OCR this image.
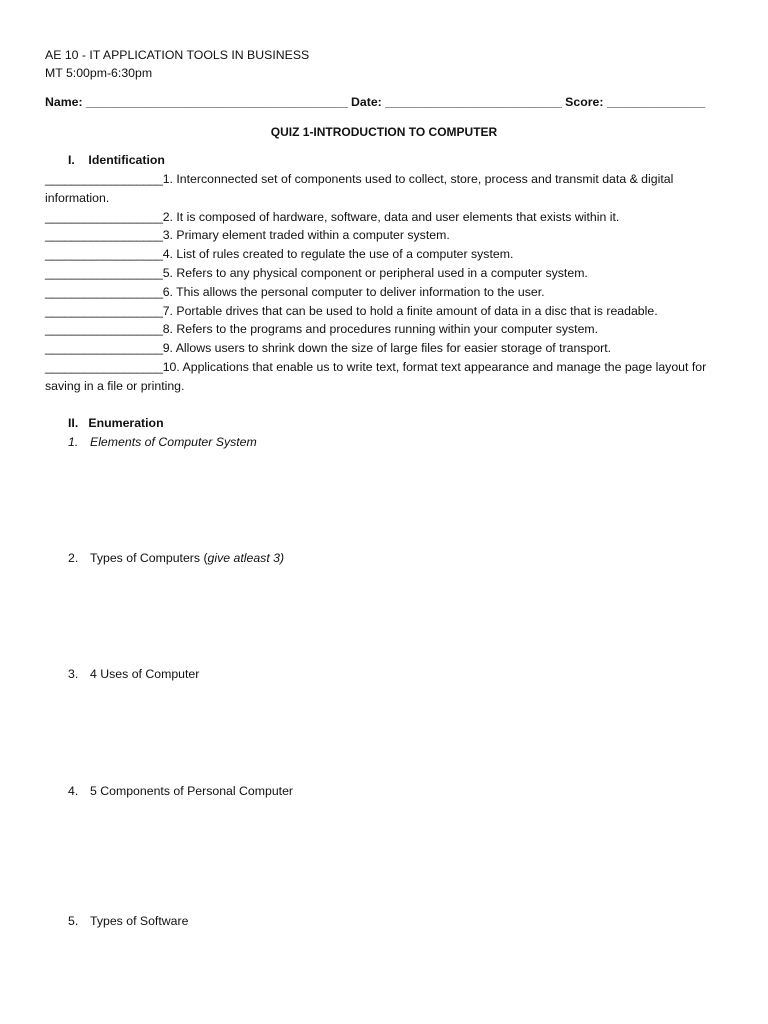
AE 10 - IT APPLICATION TOOLS IN BUSINESS
MT 5:00pm-6:30pm
Name: ________________________________________ Date: ___________________________ Score: _______________
QUIZ 1-INTRODUCTION TO COMPUTER
I. Identification
__________________1. Interconnected set of components used to collect, store, process and transmit data & digital information.
__________________2. It is composed of hardware, software, data and user elements that exists within it.
__________________3. Primary element traded within a computer system.
__________________4. List of rules created to regulate the use of a computer system.
__________________5. Refers to any physical component or peripheral used in a computer system.
__________________6. This allows the personal computer to deliver information to the user.
__________________7. Portable drives that can be used to hold a finite amount of data in a disc that is readable.
__________________8. Refers to the programs and procedures running within your computer system.
__________________9. Allows users to shrink down the size of large files for easier storage of transport.
__________________10. Applications that enable us to write text, format text appearance and manage the page layout for saving in a file or printing.
II. Enumeration
1. Elements of Computer System
2. Types of Computers (give atleast 3)
3. 4 Uses of Computer
4. 5 Components of Personal Computer
5. Types of Software
